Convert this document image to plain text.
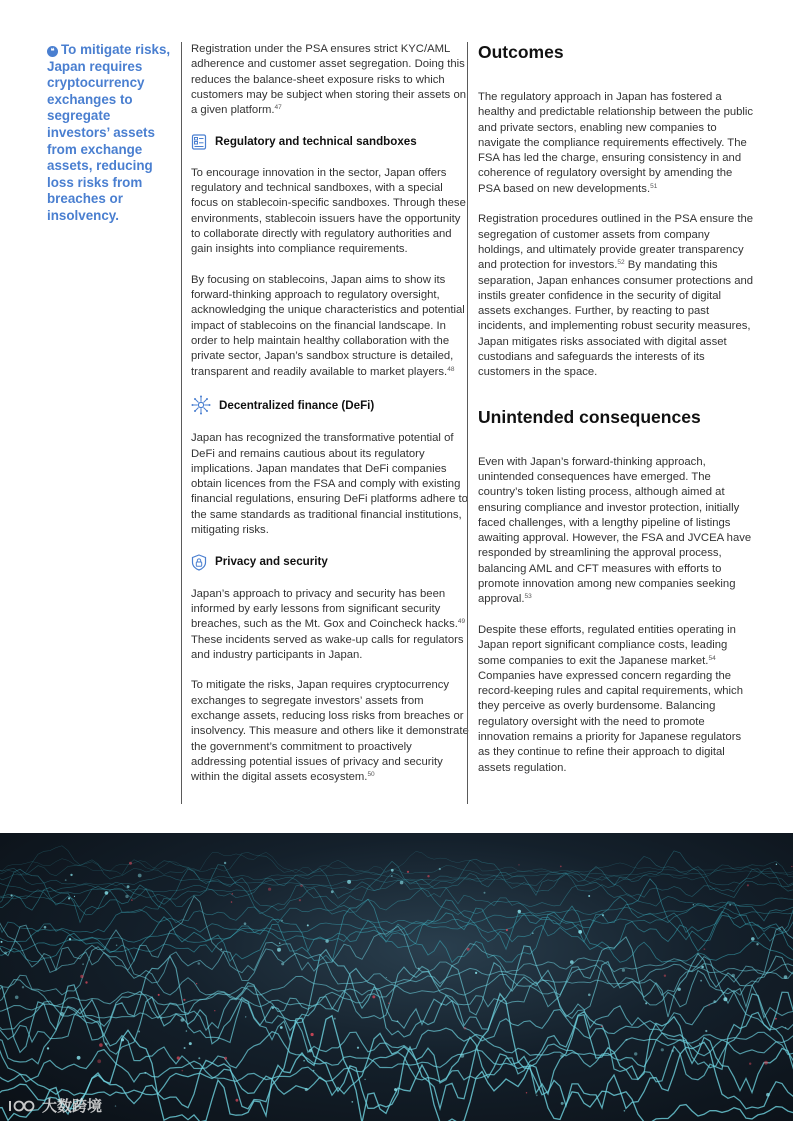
❝ To mitigate risks, Japan requires cryptocurrency exchanges to segregate investors’ assets from exchange assets, reducing loss risks from breaches or insolvency.

Registration under the PSA ensures strict KYC/AML adherence and customer asset segregation. Doing this reduces the balance-sheet exposure risks to which customers may be subject when storing their assets on a given platform.$^{47}$

Regulatory and technical sandboxes

To encourage innovation in the sector, Japan offers regulatory and technical sandboxes, with a special focus on stablecoin-specific sandboxes. Through these environments, stablecoin issuers have the opportunity to collaborate directly with regulatory authorities and gain insights into compliance requirements.

By focusing on stablecoins, Japan aims to show its forward-thinking approach to regulatory oversight, acknowledging the unique characteristics and potential impact of stablecoins on the financial landscape. In order to help maintain healthy collaboration with the private sector, Japan’s sandbox structure is detailed, transparent and readily available to market players.$^{48}$

Decentralized finance (DeFi)

Japan has recognized the transformative potential of DeFi and remains cautious about its regulatory implications. Japan mandates that DeFi companies obtain licences from the FSA and comply with existing financial regulations, ensuring DeFi platforms adhere to the same standards as traditional financial institutions, mitigating risks.

Privacy and security

Japan’s approach to privacy and security has been informed by early lessons from significant security breaches, such as the Mt. Gox and Coincheck hacks.$^{49}$ These incidents served as wake-up calls for regulators and industry participants in Japan.

To mitigate the risks, Japan requires cryptocurrency exchanges to segregate investors’ assets from exchange assets, reducing loss risks from breaches or insolvency. This measure and others like it demonstrate the government’s commitment to proactively addressing potential issues of privacy and security within the digital assets ecosystem.$^{50}$

Outcomes

The regulatory approach in Japan has fostered a healthy and predictable relationship between the public and private sectors, enabling new companies to navigate the compliance requirements effectively. The FSA has led the charge, ensuring consistency in and coherence of regulatory oversight by amending the PSA based on new developments.$^{51}$

Registration procedures outlined in the PSA ensure the segregation of customer assets from company holdings, and ultimately provide greater transparency and protection for investors.$^{52}$ By mandating this separation, Japan enhances consumer protections and instils greater confidence in the security of digital assets exchanges. Further, by reacting to past incidents, and implementing robust security measures, Japan mitigates risks associated with digital asset custodians and safeguards the interests of its customers in the space.

Unintended consequences

Even with Japan’s forward-thinking approach, unintended consequences have emerged. The country’s token listing process, although aimed at ensuring compliance and investor protection, initially faced challenges, with a lengthy pipeline of listings awaiting approval. However, the FSA and JVCEA have responded by streamlining the approval process, balancing AML and CFT measures with efforts to promote innovation among new companies seeking approval.$^{53}$

Despite these efforts, regulated entities operating in Japan report significant compliance costs, leading some companies to exit the Japanese market.$^{54}$ Companies have expressed concern regarding the record-keeping rules and capital requirements, which they perceive as overly burdensome. Balancing regulatory oversight with the need to promote innovation remains a priority for Japanese regulators as they continue to refine their approach to digital assets regulation.

大数跨境
